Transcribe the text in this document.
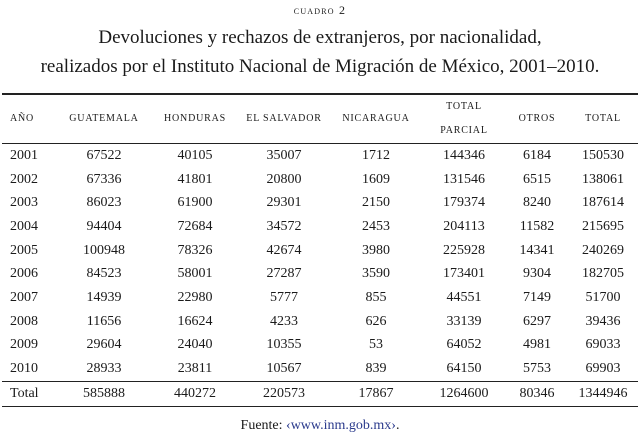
cuadro 2
Devoluciones y rechazos de extranjeros, por nacionalidad,
realizados por el Instituto Nacional de Migración de México, 2001–2010.
AÑO	GUATEMALA	HONDURAS	EL SALVADOR	NICARAGUA	TOTAL PARCIAL	OTROS	TOTAL
2001	67522	40105	35007	1712	144346	6184	150530
2002	67336	41801	20800	1609	131546	6515	138061
2003	86023	61900	29301	2150	179374	8240	187614
2004	94404	72684	34572	2453	204113	11582	215695
2005	100948	78326	42674	3980	225928	14341	240269
2006	84523	58001	27287	3590	173401	9304	182705
2007	14939	22980	5777	855	44551	7149	51700
2008	11656	16624	4233	626	33139	6297	39436
2009	29604	24040	10355	53	64052	4981	69033
2010	28933	23811	10567	839	64150	5753	69903
Total	585888	440272	220573	17867	1264600	80346	1344946
Fuente: ‹www.inm.gob.mx›.
